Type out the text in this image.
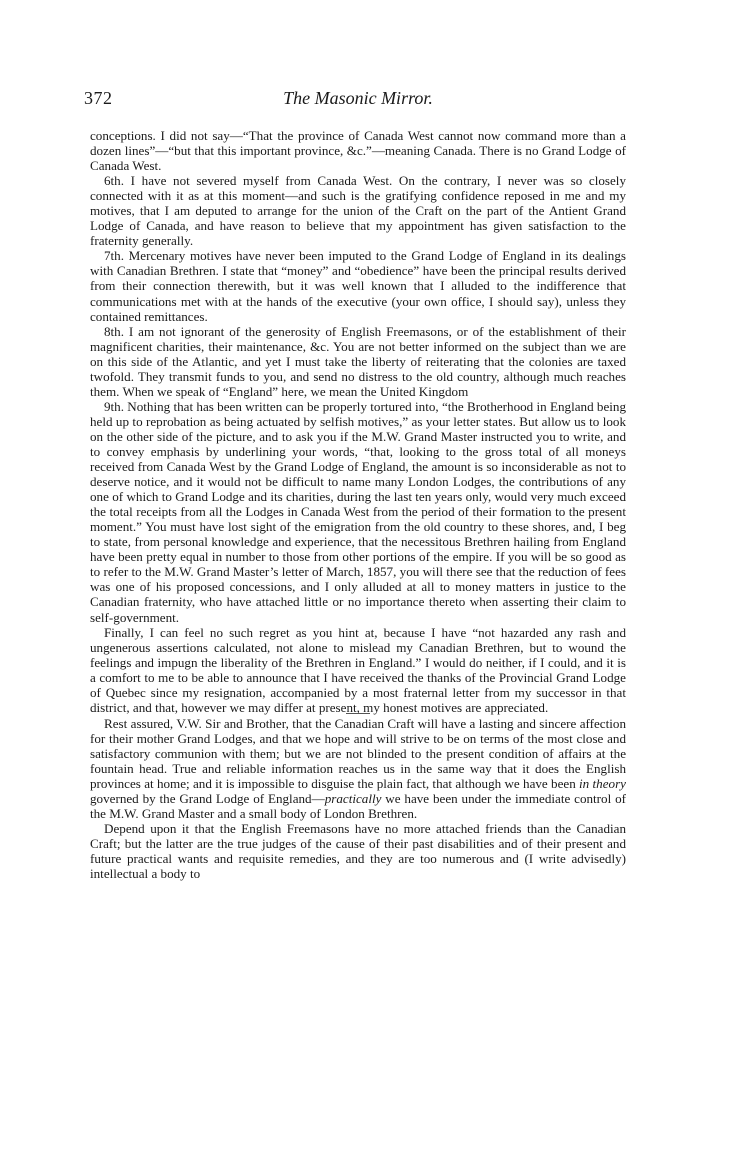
372	The Masonic Mirror.

conceptions. I did not say—“That the province of Canada West cannot now command more than a dozen lines”—“but that this important province, &c.”—meaning Canada. There is no Grand Lodge of Canada West.

6th. I have not severed myself from Canada West. On the contrary, I never was so closely connected with it as at this moment—and such is the gratifying confidence reposed in me and my motives, that I am deputed to arrange for the union of the Craft on the part of the Antient Grand Lodge of Canada, and have reason to believe that my appointment has given satisfaction to the fraternity generally.

7th. Mercenary motives have never been imputed to the Grand Lodge of England in its dealings with Canadian Brethren. I state that “money” and “obedience” have been the principal results derived from their connection therewith, but it was well known that I alluded to the indifference that communications met with at the hands of the executive (your own office, I should say), unless they contained remittances.

8th. I am not ignorant of the generosity of English Freemasons, or of the establishment of their magnificent charities, their maintenance, &c. You are not better informed on the subject than we are on this side of the Atlantic, and yet I must take the liberty of reiterating that the colonies are taxed twofold. They transmit funds to you, and send no distress to the old country, although much reaches them. When we speak of “England” here, we mean the United Kingdom

9th. Nothing that has been written can be properly tortured into, “the Brotherhood in England being held up to reprobation as being actuated by selfish motives,” as your letter states. But allow us to look on the other side of the picture, and to ask you if the M.W. Grand Master instructed you to write, and to convey emphasis by underlining your words, “that, looking to the gross total of all moneys received from Canada West by the Grand Lodge of England, the amount is so inconsiderable as not to deserve notice, and it would not be difficult to name many London Lodges, the contributions of any one of which to Grand Lodge and its charities, during the last ten years only, would very much exceed the total receipts from all the Lodges in Canada West from the period of their formation to the present moment.” You must have lost sight of the emigration from the old country to these shores, and, I beg to state, from personal knowledge and experience, that the necessitous Brethren hailing from England have been pretty equal in number to those from other portions of the empire. If you will be so good as to refer to the M.W. Grand Master’s letter of March, 1857, you will there see that the reduction of fees was one of his proposed concessions, and I only alluded at all to money matters in justice to the Canadian fraternity, who have attached little or no importance thereto when asserting their claim to self-government.

Finally, I can feel no such regret as you hint at, because I have “not hazarded any rash and ungenerous assertions calculated, not alone to mislead my Canadian Brethren, but to wound the feelings and impugn the liberality of the Brethren in England.” I would do neither, if I could, and it is a comfort to me to be able to announce that I have received the thanks of the Provincial Grand Lodge of Quebec since my resignation, accompanied by a most fraternal letter from my successor in that district, and that, however we may differ at present, my honest motives are appreciated.

Rest assured, V.W. Sir and Brother, that the Canadian Craft will have a lasting and sincere affection for their mother Grand Lodges, and that we hope and will strive to be on terms of the most close and satisfactory communion with them; but we are not blinded to the present condition of affairs at the fountain head. True and reliable information reaches us in the same way that it does the English provinces at home; and it is impossible to disguise the plain fact, that although we have been in theory governed by the Grand Lodge of England—practically we have been under the immediate control of the M.W. Grand Master and a small body of London Brethren.

Depend upon it that the English Freemasons have no more attached friends than the Canadian Craft; but the latter are the true judges of the cause of their past disabilities and of their present and future practical wants and requisite remedies, and they are too numerous and (I write advisedly) intellectual a body to
